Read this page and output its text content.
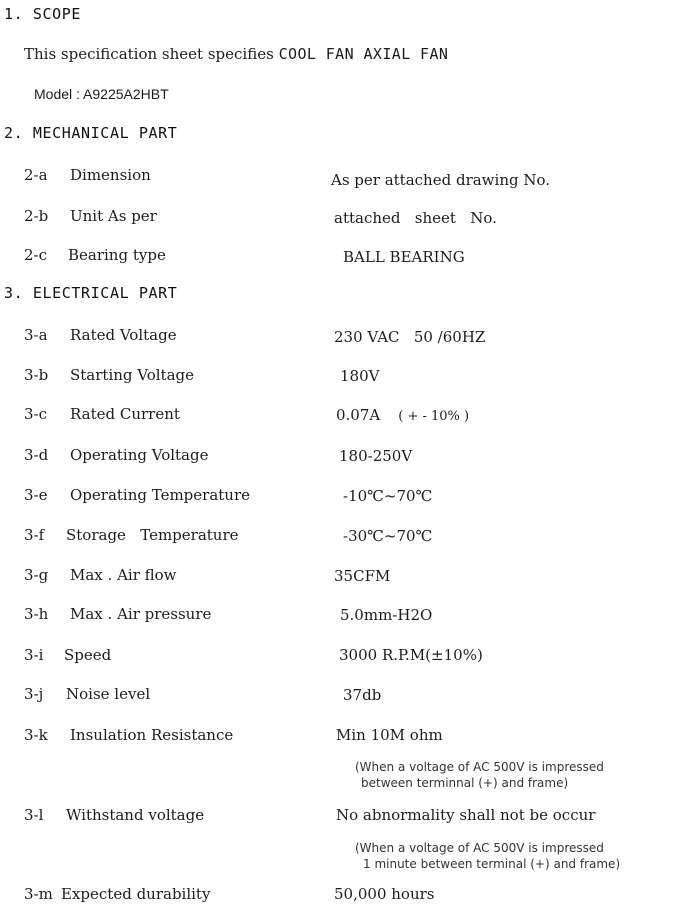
1. SCOPE
This specification sheet specifies COOL FAN AXIAL FAN
Model : A9225A2HBT
2. MECHANICAL PART
2-a Dimension	As per attached drawing No.
2-b Unit As per	attached   sheet   No.
2-c Bearing type	BALL BEARING
3. ELECTRICAL PART
3-a Rated Voltage	230 VAC   50 /60HZ
3-b Starting Voltage	180V
3-c Rated Current	0.07A ( + - 10% )
3-d Operating Voltage	180-250V
3-e Operating Temperature	-10℃~70℃
3-f Storage   Temperature	-30℃~70℃
3-g Max . Air flow	35CFM
3-h Max . Air pressure	5.0mm-H2O
3-i Speed	3000 R.P.M(±10%)
3-j Noise level	37db
3-k Insulation Resistance	Min 10M ohm
(When a voltage of AC 500V is impressed
between terminnal (+) and frame)
3-l Withstand voltage	No abnormality shall not be occur
(When a voltage of AC 500V is impressed
1 minute between terminal (+) and frame)
3-m Expected durability	50,000 hours
